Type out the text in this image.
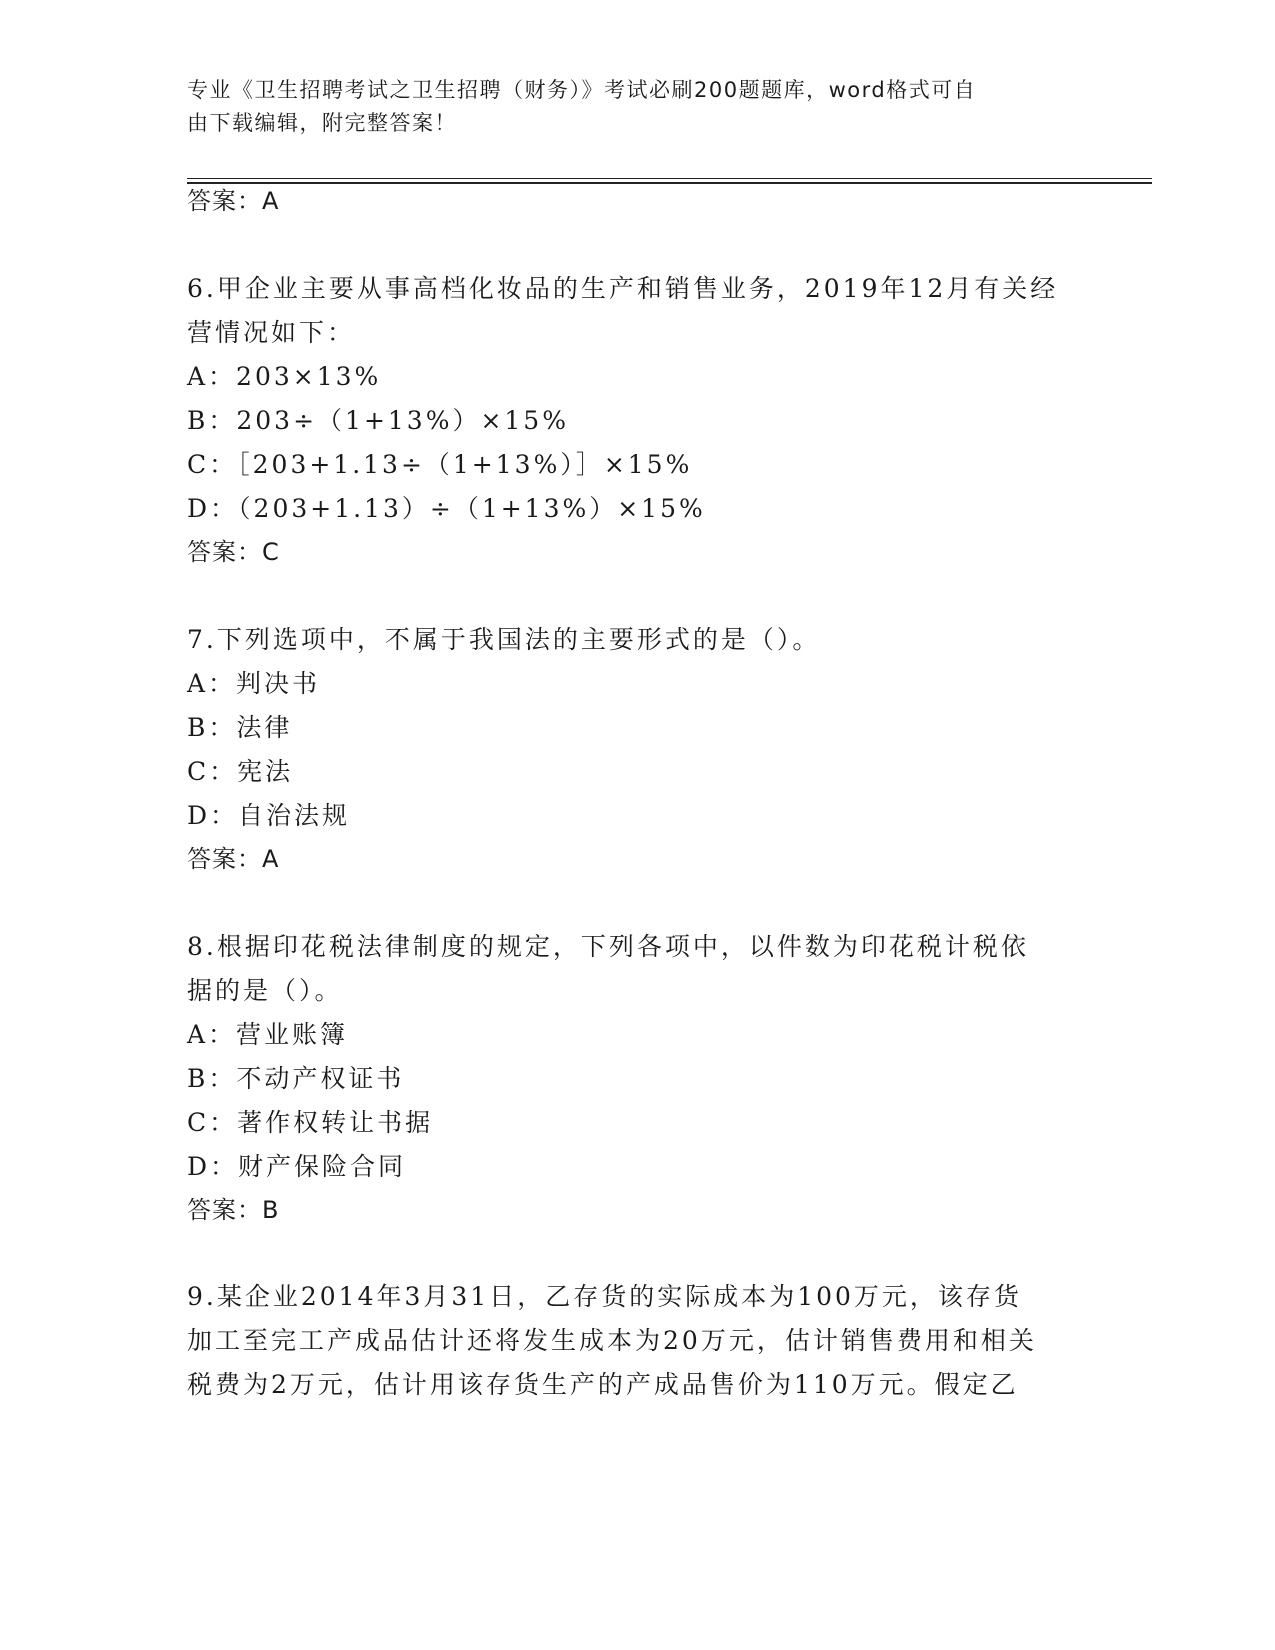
专业《卫生招聘考试之卫生招聘（财务）》考试必刷200题题库，word格式可自
由下载编辑，附完整答案！
答案：A
6.甲企业主要从事高档化妆品的生产和销售业务，2019年12月有关经
营情况如下：
A：203×13%
B：203÷（1+13%）×15%
C：［203+1.13÷（1+13%）］×15%
D：（203+1.13）÷（1+13%）×15%
答案：C
7.下列选项中，不属于我国法的主要形式的是（）。
A：判决书
B：法律
C：宪法
D：自治法规
答案：A
8.根据印花税法律制度的规定，下列各项中，以件数为印花税计税依
据的是（）。
A：营业账簿
B：不动产权证书
C：著作权转让书据
D：财产保险合同
答案：B
9.某企业2014年3月31日，乙存货的实际成本为100万元，该存货
加工至完工产成品估计还将发生成本为20万元，估计销售费用和相关
税费为2万元，估计用该存货生产的产成品售价为110万元。假定乙
